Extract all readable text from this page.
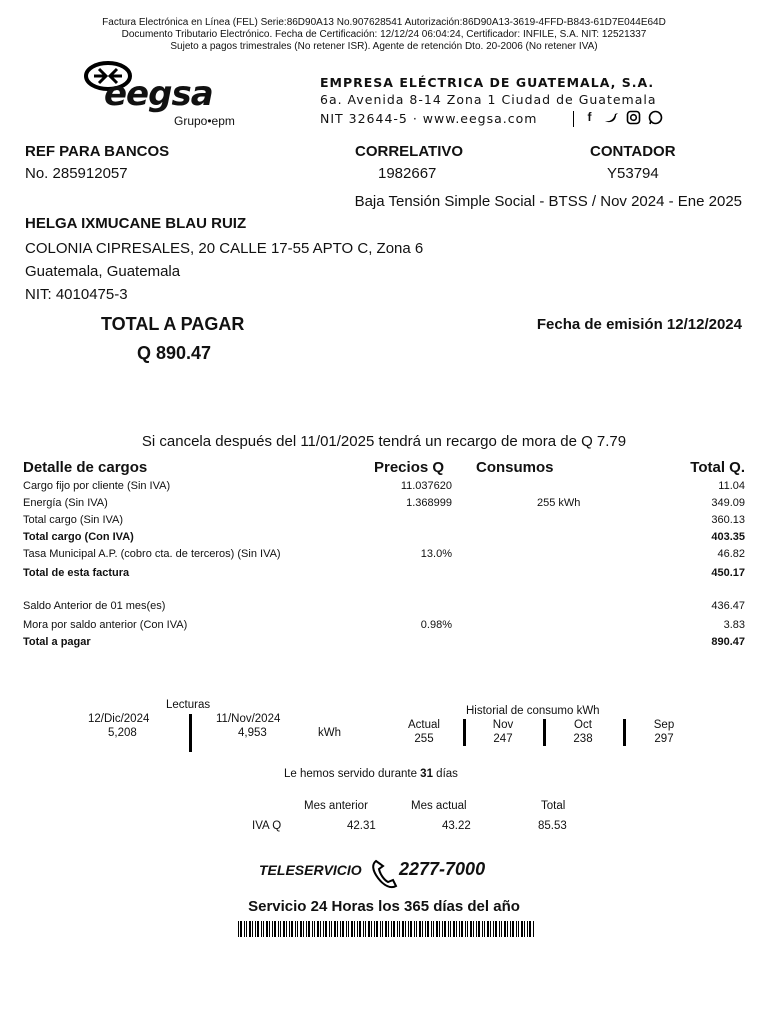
Factura Electrónica en Línea (FEL) Serie:86D90A13 No.907628541 Autorización:86D90A13-3619-4FFD-B843-61D7E044E64D
Documento Tributario Electrónico. Fecha de Certificación: 12/12/24 06:04:24, Certificador: INFILE, S.A. NIT: 12521337
Sujeto a pagos trimestrales (No retener ISR). Agente de retención Dto. 20-2006 (No retener IVA)
eegsa
Grupo•epm
EMPRESA ELÉCTRICA DE GUATEMALA, S.A.
6a. Avenida 8-14 Zona 1 Ciudad de Guatemala
NIT 32644-5 · www.eegsa.com	f
REF PARA BANCOS
No. 285912057
CORRELATIVO
1982667
CONTADOR
Y53794
Baja Tensión Simple Social - BTSS / Nov 2024 - Ene 2025
HELGA IXMUCANE BLAU RUIZ
COLONIA CIPRESALES, 20 CALLE 17-55 APTO C, Zona 6
Guatemala, Guatemala
NIT: 4010475-3
TOTAL A PAGAR
Q 890.47
Fecha de emisión 12/12/2024
Si cancela después del 11/01/2025 tendrá un recargo de mora de Q 7.79
Detalle de cargos	Precios Q Consumos	Total Q.
Cargo fijo por cliente (Sin IVA)	11.037620	11.04
Energía (Sin IVA)	1.368999	255 kWh	349.09
Total cargo (Sin IVA)	360.13
Total cargo (Con IVA)	403.35
Tasa Municipal A.P. (cobro cta. de terceros) (Sin IVA)	13.0%	46.82
Total de esta factura	450.17
Saldo Anterior de 01 mes(es)	436.47
Mora por saldo anterior (Con IVA)	0.98%	3.83
Total a pagar	890.47
Lecturas
12/Dic/2024
5,208
11/Nov/2024
4,953	kWh
Historial de consumo kWh
Actual
255
Nov
247
Oct
238
Sep
297
Le hemos servido durante 31 días
Mes anterior	Mes actual	Total
IVA Q	42.31	43.22	85.53
TELESERVICIO 2277-7000
Servicio 24 Horas los 365 días del año
